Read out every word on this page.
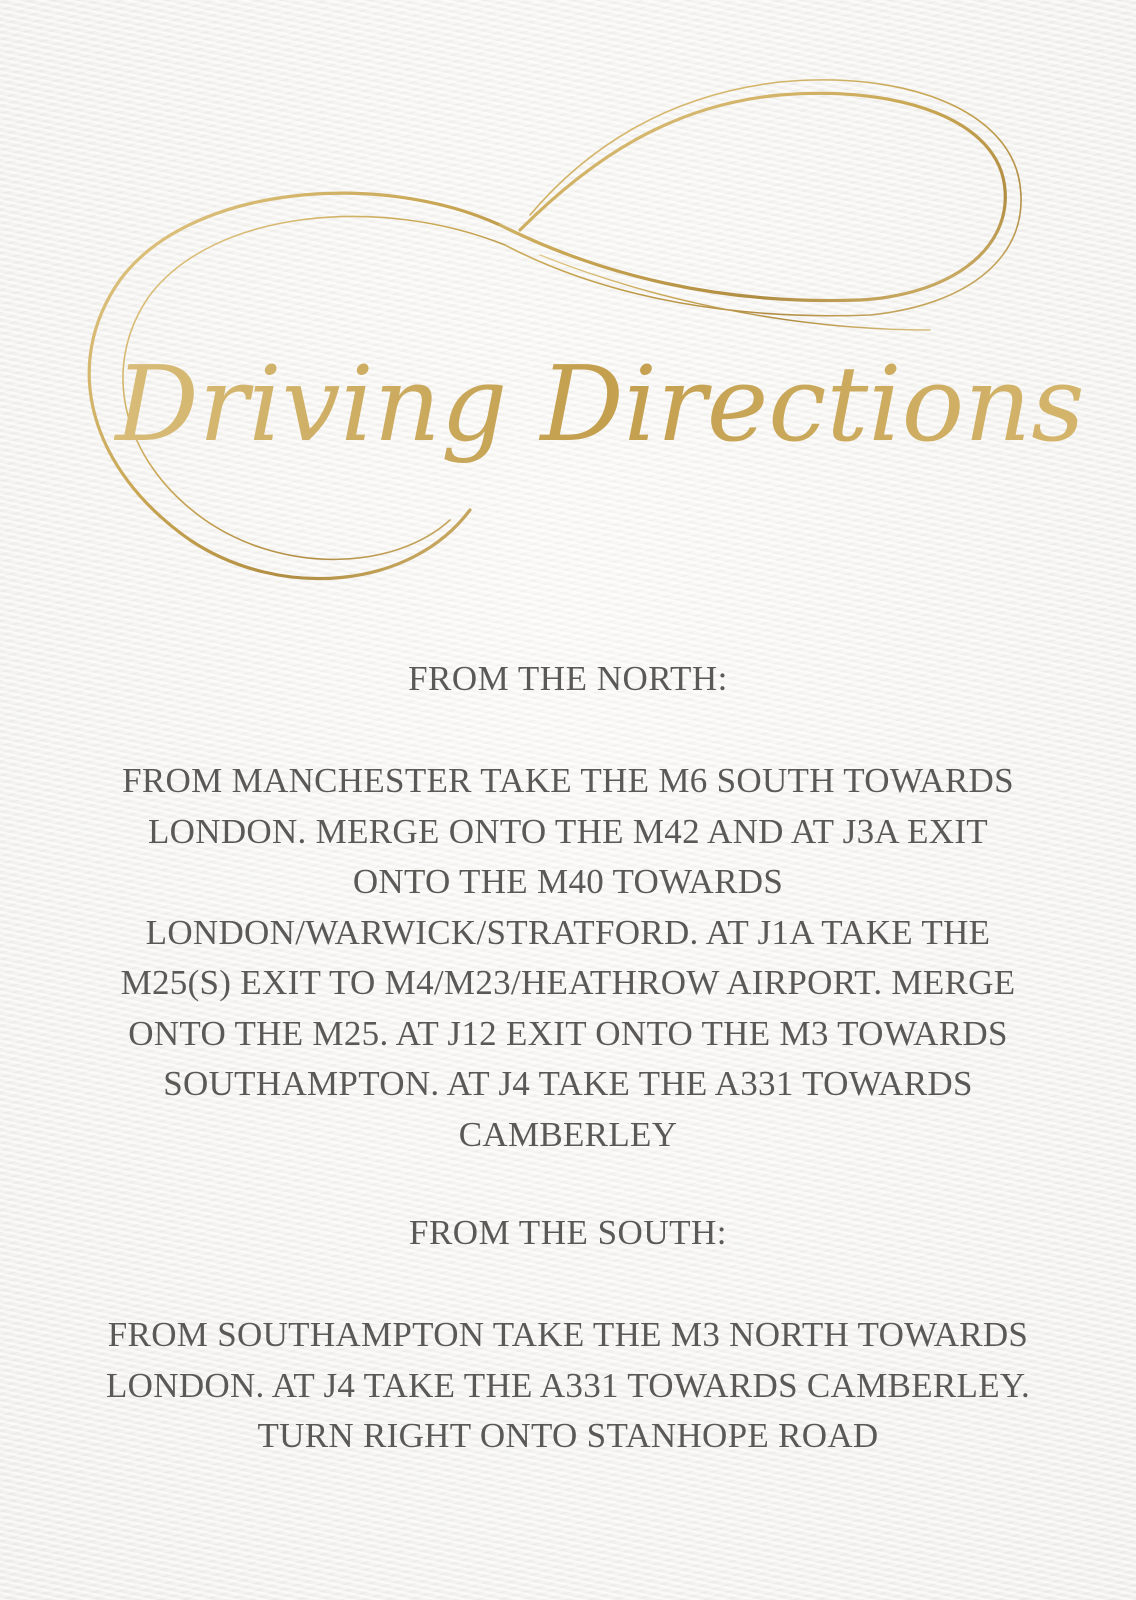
Driving Directions
FROM THE NORTH:
FROM MANCHESTER TAKE THE M6 SOUTH TOWARDS LONDON. MERGE ONTO THE M42 AND AT J3A EXIT ONTO THE M40 TOWARDS LONDON/WARWICK/STRATFORD. AT J1A TAKE THE M25(S) EXIT TO M4/M23/HEATHROW AIRPORT. MERGE ONTO THE M25. AT J12 EXIT ONTO THE M3 TOWARDS SOUTHAMPTON. AT J4 TAKE THE A331 TOWARDS CAMBERLEY
FROM THE SOUTH:
FROM SOUTHAMPTON TAKE THE M3 NORTH TOWARDS LONDON. AT J4 TAKE THE A331 TOWARDS CAMBERLEY. TURN RIGHT ONTO STANHOPE ROAD
